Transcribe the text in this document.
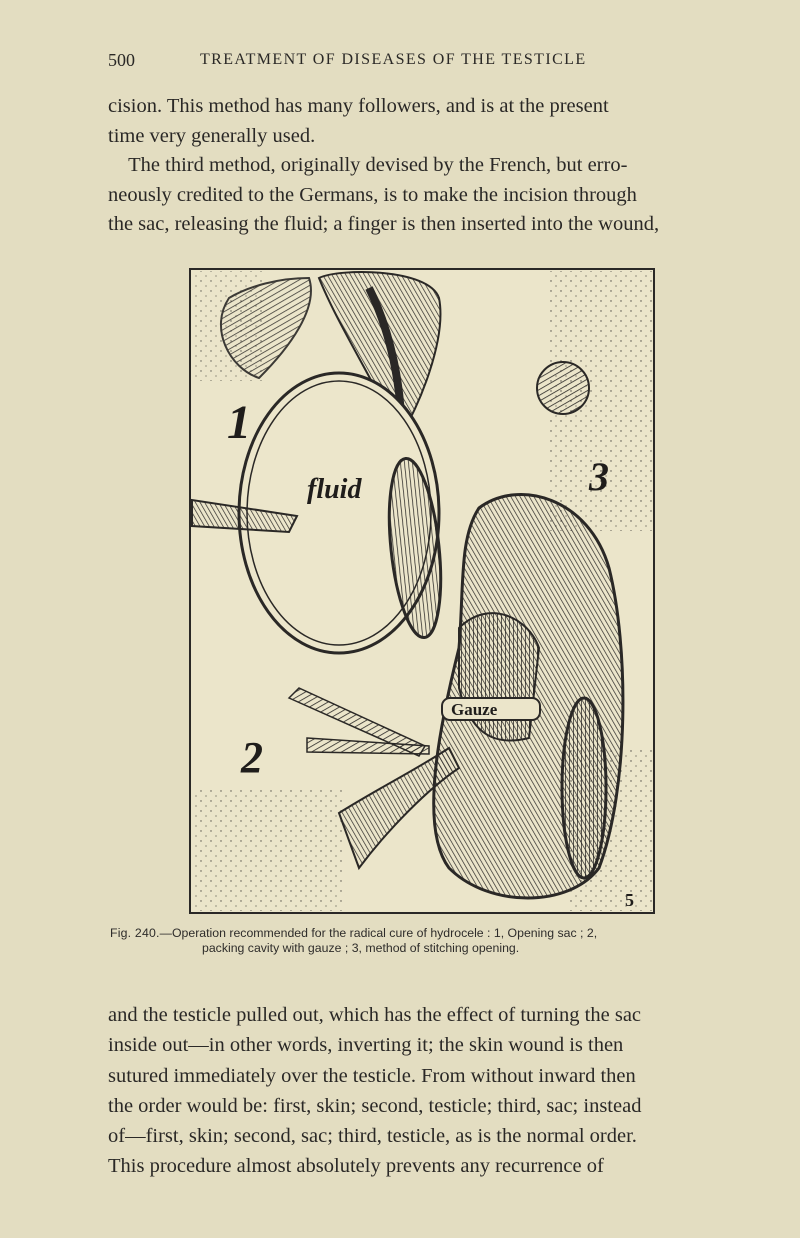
500	TREATMENT OF DISEASES OF THE TESTICLE

cision. This method has many followers, and is at the present
time very generally used.
The third method, originally devised by the French, but erro-
neously credited to the Germans, is to make the incision through
the sac, releasing the fluid; a finger is then inserted into the wound,

1
fluid	3
Gauze
2
5
Fig. 240.—Operation recommended for the radical cure of hydrocele : 1, Opening sac ; 2,
packing cavity with gauze ; 3, method of stitching opening.

and the testicle pulled out, which has the effect of turning the sac
inside out—in other words, inverting it; the skin wound is then
sutured immediately over the testicle. From without inward then
the order would be: first, skin; second, testicle; third, sac; instead
of—first, skin; second, sac; third, testicle, as is the normal order.
This procedure almost absolutely prevents any recurrence of
